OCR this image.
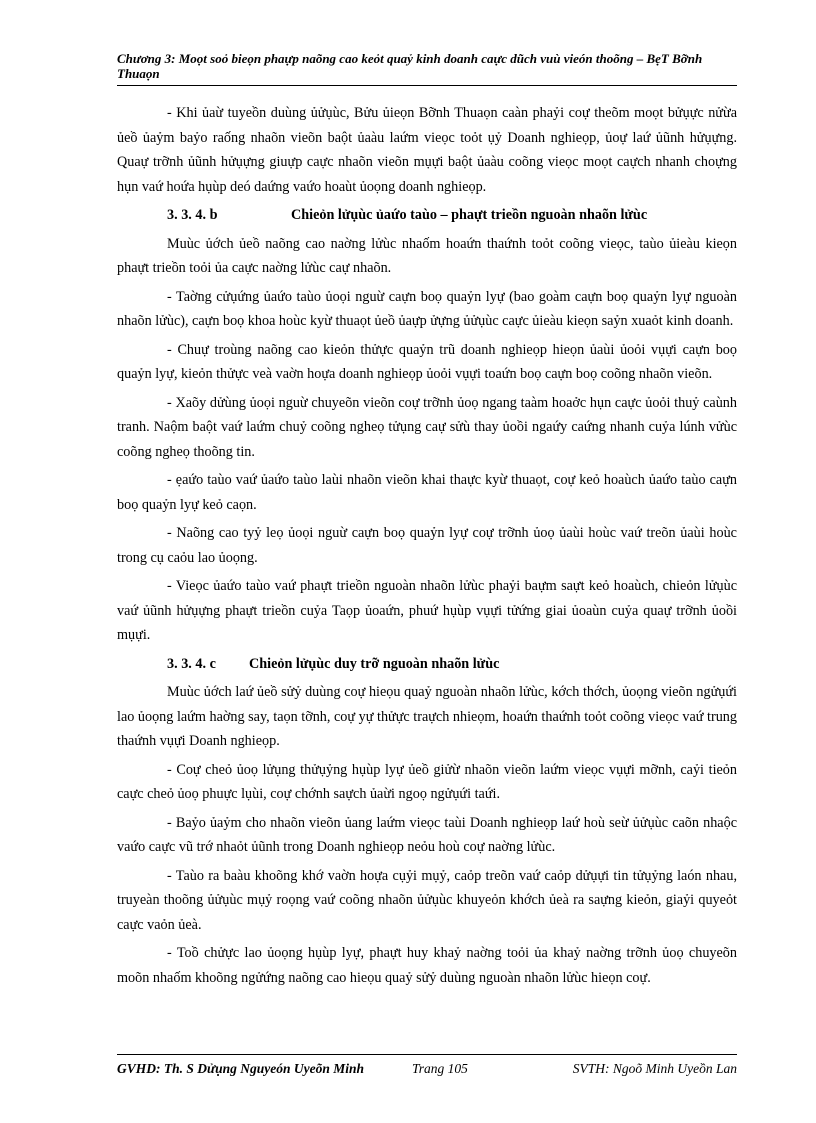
Chương 3: Moọt soỏ bieọn phaựp naõng cao keỏt quaỷ kinh doanh caực dũch vuù vieón thoõng – BẹT Bỡnh Thuaọn

- Khi ủaừ tuyeồn duùng ủửụùc, Bửu ủieọn Bỡnh Thuaọn caàn phaỷi coự theõm moọt bửụực nửừa ủeồ ủaỷm baỷo raống nhaõn vieõn baột ủaàu laứm vieọc toỏt ụỷ Doanh nghieọp, ủoự laứ ủũnh hửụựng. Quaự trỡnh ủũnh hửụựng giuựp caực nhaõn vieõn mụựi baột ủaàu coõng vieọc moọt caựch nhanh choựng hụn vaứ hoứa hụùp deó daứng vaứo hoaùt ủoọng doanh nghieọp.

3. 3. 4. b	Chieỏn lửụùc ủaứo taùo – phaựt trieồn nguoàn nhaõn lửùc

Muùc ủớch ủeồ naõng cao naờng lửùc nhaốm hoaứn thaứnh toỏt coõng vieọc, taùo ủieàu kieọn phaựt trieồn toỏi ủa caực naờng lửùc caự nhaõn.

- Taờng cửụứng ủaứo taùo ủoọi nguừ caựn boọ quaỷn lyự (bao goàm caựn boọ quaỷn lyự nguoàn nhaõn lửùc), caựn boọ khoa hoùc kyừ thuaọt ủeồ ủaựp ửựng ủửụùc caực ủieàu kieọn saỷn xuaỏt kinh doanh.

- Chuự troùng naõng cao kieỏn thửực quaỷn trũ doanh nghieọp hieọn ủaùi ủoỏi vụựi caựn boọ quaỷn lyự, kieỏn thửực veà vaờn hoựa doanh nghieọp ủoỏi vụựi toaứn boọ caựn boọ coõng nhaõn vieõn.

- Xaõy dửùng ủoọi nguừ chuyeõn vieõn coự trỡnh ủoọ ngang taàm hoaởc hụn caực ủoỏi thuỷ caùnh tranh. Naộm baột vaứ laứm chuỷ coõng ngheọ tửụng caự sửù thay ủoồi ngaứy caứng nhanh cuỷa lúnh vửùc coõng ngheọ thoõng tin.

- ẹaứo taùo vaứ ủaứo taùo laùi nhaõn vieõn khai thaực kyừ thuaọt, coự keỏ hoaùch ủaứo taùo caựn boọ quaỷn lyự keỏ caọn.

- Naõng cao tyỷ leọ ủoọi nguừ caựn boọ quaỷn lyự coự trỡnh ủoọ ủaùi hoùc vaứ treõn ủaùi hoùc trong cụ caỏu lao ủoọng.

- Vieọc ủaứo taùo vaứ phaựt trieồn nguoàn nhaõn lửùc phaỷi baựm saựt keỏ hoaùch, chieỏn lửụùc vaứ ủũnh hửụựng phaựt trieồn cuỷa Taọp ủoaứn, phuứ hụùp vụựi tửứng giai ủoaùn cuỷa quaự trỡnh ủoồi mụựi.

3. 3. 4. c Chieỏn lửụùc duy trỡ nguoàn nhaõn lửùc

Muùc ủớch laứ ủeồ sửỷ duùng coự hieọu quaỷ nguoàn nhaõn lửùc, kớch thớch, ủoọng vieõn ngửụứi lao ủoọng laứm haờng say, taọn tỡnh, coự yự thửực traựch nhieọm, hoaứn thaứnh toỏt coõng vieọc vaứ trung thaứnh vụựi Doanh nghieọp.

- Coự cheỏ ủoọ lửụng thửụỷng hụùp lyự ủeồ giửừ nhaõn vieõn laứm vieọc vụựi mỡnh, caỷi tieỏn caực cheỏ ủoọ phuực lụùi, coự chớnh saựch ủaừi ngoọ ngửụứi taứi.

- Baỷo ủaỷm cho nhaõn vieõn ủang laứm vieọc taùi Doanh nghieọp laứ hoù seừ ủửụùc caõn nhaộc vaứo caực vũ trớ nhaỏt ủũnh trong Doanh nghieọp neỏu hoù coự naờng lửùc.

- Taùo ra baàu khoõng khớ vaờn hoựa cụỷi mụỷ, caỏp treõn vaứ caỏp dửụựi tin tửụỷng laón nhau, truyeàn thoõng ủửụùc mụỷ roọng vaứ coõng nhaõn ủửụùc khuyeỏn khớch ủeà ra saựng kieỏn, giaỷi quyeỏt caực vaỏn ủeà.

- Toồ chửực lao ủoọng hụùp lyự, phaựt huy khaỷ naờng toỏi ủa khaỷ naờng trỡnh ủoọ chuyeõn moõn nhaốm khoõng ngửứng naõng cao hieọu quaỷ sửỷ duùng nguoàn nhaõn lửùc hieọn coự.

GVHD: Th. S Dửụng Nguyeón Uyeõn Minh	Trang 105	SVTH: Ngoõ Minh Uyeồn Lan
